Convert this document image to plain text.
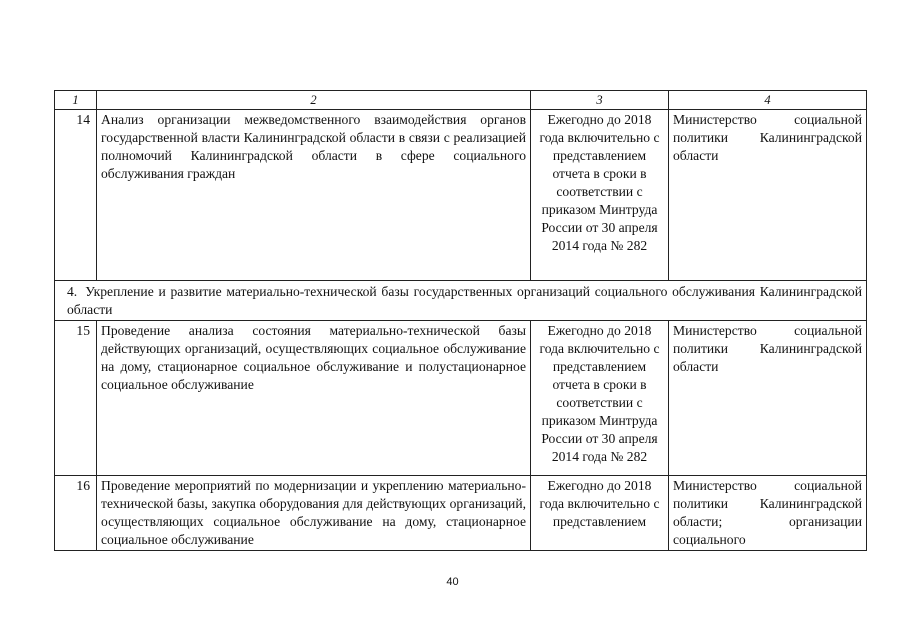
1	2	3	4
14	Анализ организации межведомственного взаимодействия органов государственной власти Калининградской области в связи с реализацией полномочий Калининградской области в сфере социального обслуживания граждан	Ежегодно до 2018 года включительно с представлением отчета в сроки в соответствии с приказом Минтруда России от 30 апреля 2014 года № 282	Министерство социальной политики Калининградской области

4. Укрепление и развитие материально-технической базы государственных организаций социального обслуживания Калининградской области			

15	Проведение анализа состояния материально-технической базы действующих организаций, осуществляющих социальное обслуживание на дому, стационарное социальное обслуживание и полустационарное социальное обслуживание	Ежегодно до 2018 года включительно с представлением отчета в сроки в соответствии с приказом Минтруда России от 30 апреля 2014 года № 282	Министерство социальной политики Калининградской области
16	Проведение мероприятий по модернизации и укреплению материально-технической базы, закупка оборудования для действующих организаций, осуществляющих социальное обслуживание на дому, стационарное социальное обслуживание	Ежегодно до 2018 года включительно с представлением	Министерство социальной политики Калининградской области; организации социального
40
